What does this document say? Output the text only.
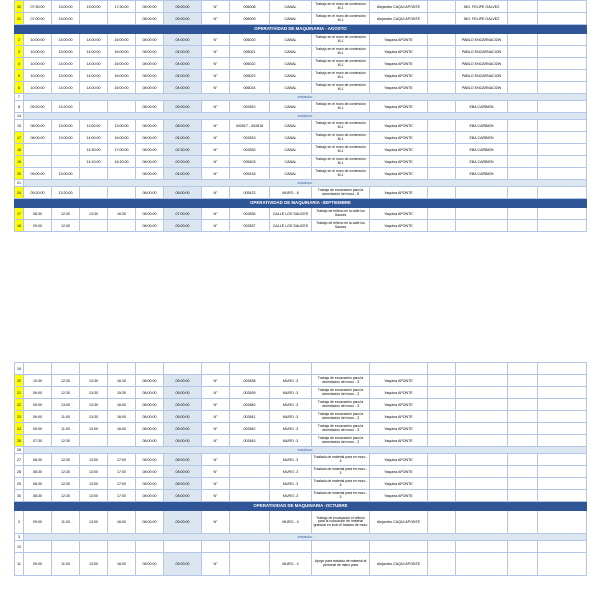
30	07:30:00	13:00:00	13:00:00	17:30:00	08:00:00	05:00:00	N°	006008	CANAL	Trabajo en el muro de contención M-1	Alejandro CAQUI APONTE		ING. FELIPE GALVEZ		
31	07:00:00	13:00:00			08:00:00	05:00:00	N°	006009	CANAL	Trabajo en el muro de contención M-1	Alejandro CAQUI APONTE		ING. FELIPE GALVEZ		
OPERATIVIDAD DE MAQUINARIA - AGOSTO															
2	10:00:00	13:00:00	14:00:00	16:00:00	08:00:00	04:00:00	N°	006020	CANAL	Trabajo en el muro de contención M-1	Yaquina APONTE		PABLO ENCARNACION		
3	10:00:00	13:00:00	14:00:00	16:00:00	08:00:00	04:00:00	N°	006021	CANAL	Trabajo en el muro de contención M-1	Yaquina APONTE		PABLO ENCARNACION		
4	10:00:00	13:00:00	14:00:00	16:00:00	08:00:00	04:00:00	N°	006022	CANAL	Trabajo en el muro de contención M-1	Yaquina APONTE		PABLO ENCARNACION		
5	10:00:00	13:00:00	14:00:00	16:00:00	08:00:00	04:00:00	N°	006023	CANAL	Trabajo en el muro de contención M-1	Yaquina APONTE		PABLO ENCARNACION		
6	10:00:00	13:00:00	14:00:00	16:00:00	08:00:00	04:00:00	N°	006024	CANAL	Trabajo en el muro de contención M-1	Yaquina APONTE		PABLO ENCARNACION		
7	DOMINGO														
8	09:20:00	13:20:00			08:00:00	05:00:00	N°	002810	CANAL	Trabajo en el muro de contención M-1	Yaquina APONTE		EBA CARBIEN		
14	DOMINGO														
15	08:00:00	13:00:00	11:00:00	13:00:00	08:00:00	08:00:00	N°	002817 - 002818	CANAL	Trabajo en el muro de contención M-1	Yaquina APONTE		EBA CARBIEN		
17	08:00:00	13:00:00	14:00:00	16:00:00	08:00:00	04:00:00	N°	002819	CANAL	Trabajo en el muro de contención M-1	Yaquina APONTE		EBA CARBIEN		
18			14:30:00	17:00:00	08:00:00	02:30:00	N°	002830	CANAL	Trabajo en el muro de contención M-1	Yaquina APONTE		EBA CARBIEN		
19			14:10:00	16:10:00	08:00:00	02:00:00	N°	005403	CANAL	Trabajo en el muro de contención M-1	Yaquina APONTE		EBA CARBIEN		
20	09:00:00	13:00:00			08:00:00	04:00:00	N°	005418	CANAL	Trabajo en el muro de contención M-1	Yaquina APONTE		EBA CARBIEN		
21	DOMINGO														
24	09:20:00	13:20:00			08:00:00	05:00:00	N°	005423	MURO - 8	Trabajo de excavación para la cimentación del muro - 8	Yaquina APONTE				
OPERATIVIDAD DE MAQUINARIA -SEPTIEMBRE															
17	08:30	12:30	13:30	16:30	08:00:00	07:00:00	N°	002836	CALLE LOS SAUCES	Trabajo de relleno en la calle los Sauces	Yaquina APONTE				
18	09:00	12:30			08:00:00	03:00:00	N°	002837	CALLE LOS SAUCES	Trabajo de relleno en la calle los Sauces	Yaquina APONTE				
19															
20	10:30	12:30	13:30	16:30	08:00:00	05:00:00	N°	002838	MURO -3	Trabajo de excavación para la cimentación del muro - 3	Yaquina APONTE				
21	09:00	12:30	13:30	15:30	08:00:00	05:00:00	N°	002839	MURO -3	Trabajo de excavación para la cimentación del muro - 3	Yaquina APONTE				
22	09:00	13:00	13:30	16:00	08:00:00	05:00:00	N°	002840	MURO -3	Trabajo de excavación para la cimentación del muro - 3	Yaquina APONTE				
23	09:00	11:00	13:30	16:00	08:00:00	05:00:00	N°	002841	MURO -3	Trabajo de excavación para la cimentación del muro - 3	Yaquina APONTE				
24	09:00	11:00	13:00	16:00	08:00:00	05:00:00	N°	002842	MURO -3	Trabajo de excavación para la cimentación del muro - 3	Yaquina APONTE				
25	07:30	12:30			08:00:00	05:00:00	N°	002843	MURO -3	Trabajo de excavación para la cimentación del muro - 3	Yaquina APONTE				
26	DOMINGO														
27	08:30	12:30	13:00	17:00	08:00:00	08:00:00	N°		MURO -3	Traslado de material para en muro - 3	Yaquina APONTE				
28	08:30	12:30	13:00	17:00	08:00:00	08:00:00	N°		MURO -3	Traslado de material para en muro - 3	Yaquina APONTE				
29	08:30	12:30	13:00	17:00	08:00:00	08:00:00	N°		MURO -3	Traslado de material para en muro - 3	Yaquina APONTE				
30	08:30	12:30	13:00	17:00	08:00:00	08:00:00	N°		MURO -3	Traslado de material para en muro - 3	Yaquina APONTE				
OPERATIVIDAD DE MAQUINARIA -OCTUBRE															
2	09:00	11:00	13:00	16:00	08:00:00	05:00:00	N°		MURO - 4	Trabajo de excavación el relleno para la colocación de material granular en todo el trasdos de muro	Alejandro CAQUI APONTE				
3	DOMINGO														
10															
11	09:00	11:00	13:00	16:00	08:00:00	05:00:00	N°		MURO - 4	Apoyo para traslado de material al personal de mano para	Alejandro CAQUI APONTE				
